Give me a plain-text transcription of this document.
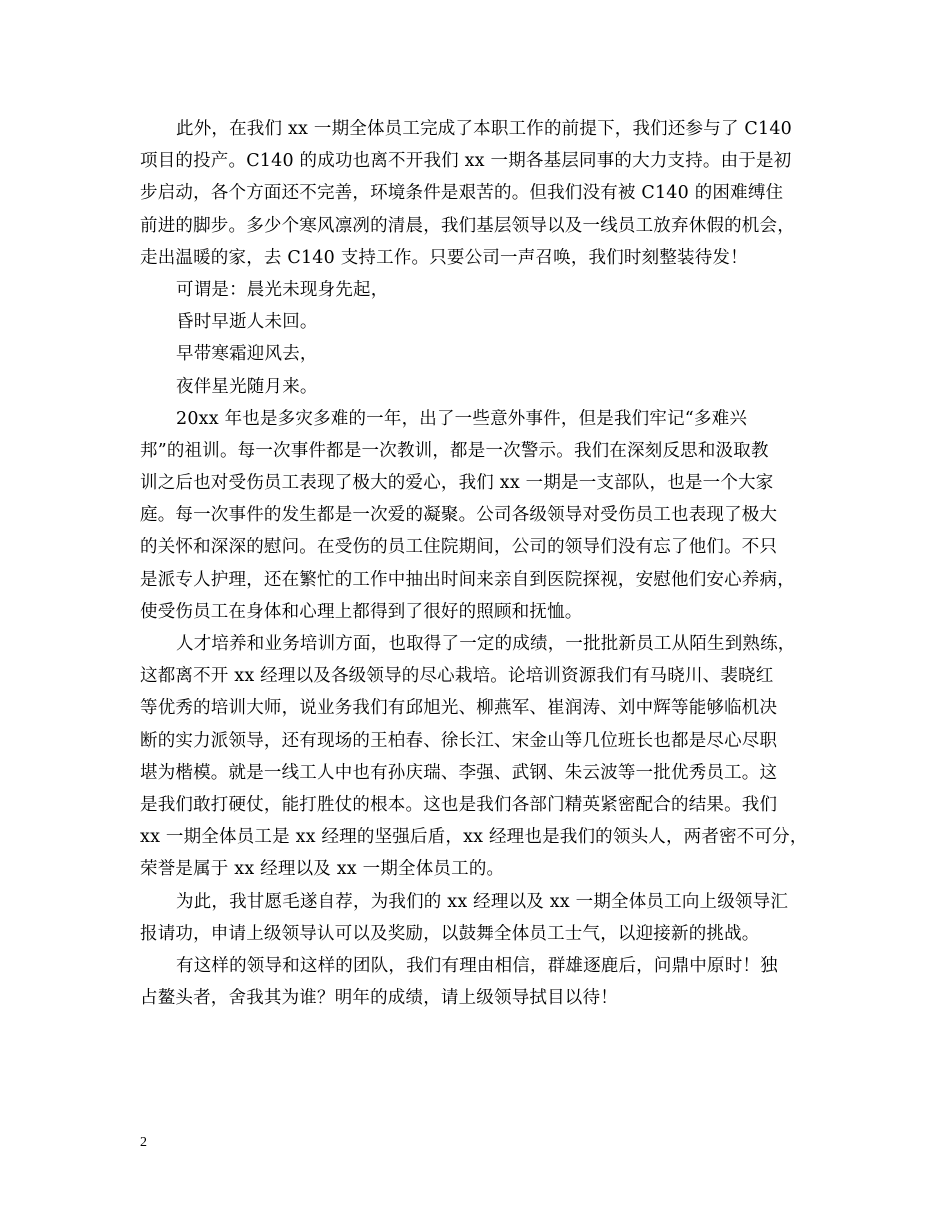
此外，在我们 xx 一期全体员工完成了本职工作的前提下，我们还参与了 C140
项目的投产。C140 的成功也离不开我们 xx 一期各基层同事的大力支持。由于是初
步启动，各个方面还不完善，环境条件是艰苦的。但我们没有被 C140 的困难缚住
前进的脚步。多少个寒风凛冽的清晨，我们基层领导以及一线员工放弃休假的机会，
走出温暖的家，去 C140 支持工作。只要公司一声召唤，我们时刻整装待发！
可谓是：晨光未现身先起，
昏时早逝人未回。
早带寒霜迎风去，
夜伴星光随月来。
20xx 年也是多灾多难的一年，出了一些意外事件，但是我们牢记“多难兴
邦”的祖训。每一次事件都是一次教训，都是一次警示。我们在深刻反思和汲取教
训之后也对受伤员工表现了极大的爱心，我们 xx 一期是一支部队，也是一个大家
庭。每一次事件的发生都是一次爱的凝聚。公司各级领导对受伤员工也表现了极大
的关怀和深深的慰问。在受伤的员工住院期间，公司的领导们没有忘了他们。不只
是派专人护理，还在繁忙的工作中抽出时间来亲自到医院探视，安慰他们安心养病，
使受伤员工在身体和心理上都得到了很好的照顾和抚恤。
人才培养和业务培训方面，也取得了一定的成绩，一批批新员工从陌生到熟练，
这都离不开 xx 经理以及各级领导的尽心栽培。论培训资源我们有马晓川、裴晓红
等优秀的培训大师，说业务我们有邱旭光、柳燕军、崔润涛、刘中辉等能够临机决
断的实力派领导，还有现场的王柏春、徐长江、宋金山等几位班长也都是尽心尽职
堪为楷模。就是一线工人中也有孙庆瑞、李强、武钢、朱云波等一批优秀员工。这
是我们敢打硬仗，能打胜仗的根本。这也是我们各部门精英紧密配合的结果。我们
xx 一期全体员工是 xx 经理的坚强后盾，xx 经理也是我们的领头人，两者密不可分，
荣誉是属于 xx 经理以及 xx 一期全体员工的。
为此，我甘愿毛遂自荐，为我们的 xx 经理以及 xx 一期全体员工向上级领导汇
报请功，申请上级领导认可以及奖励，以鼓舞全体员工士气，以迎接新的挑战。
有这样的领导和这样的团队，我们有理由相信，群雄逐鹿后，问鼎中原时！独
占鳌头者，舍我其为谁？明年的成绩，请上级领导拭目以待！
2
